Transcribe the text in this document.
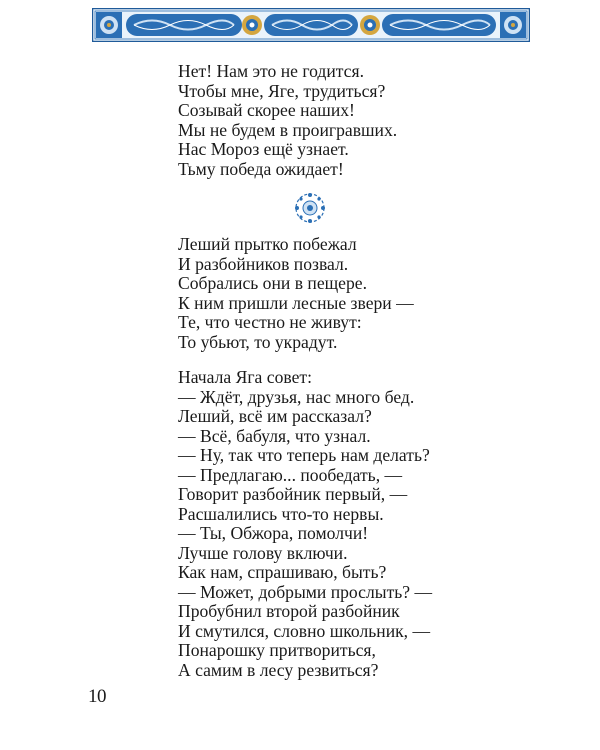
Нет! Нам это не годится.
Чтобы мне, Яге, трудиться?
Созывай скорее наших!
Мы не будем в проигравших.
Нас Мороз ещё узнает.
Тьму победа ожидает!
Леший прытко побежал
И разбойников позвал.
Собрались они в пещере.
К ним пришли лесные звери —
Те, что честно не живут:
То убьют, то украдут.
Начала Яга совет:
— Ждёт, друзья, нас много бед.
Леший, всё им рассказал?
— Всё, бабуля, что узнал.
— Ну, так что теперь нам делать?
— Предлагаю... пообедать, —
Говорит разбойник первый, —
Расшалились что-то нервы.
— Ты, Обжора, помолчи!
Лучше голову включи.
Как нам, спрашиваю, быть?
— Может, добрыми прослыть? —
Пробубнил второй разбойник
И смутился, словно школьник, —
Понарошку притвориться,
А самим в лесу резвиться?
10
